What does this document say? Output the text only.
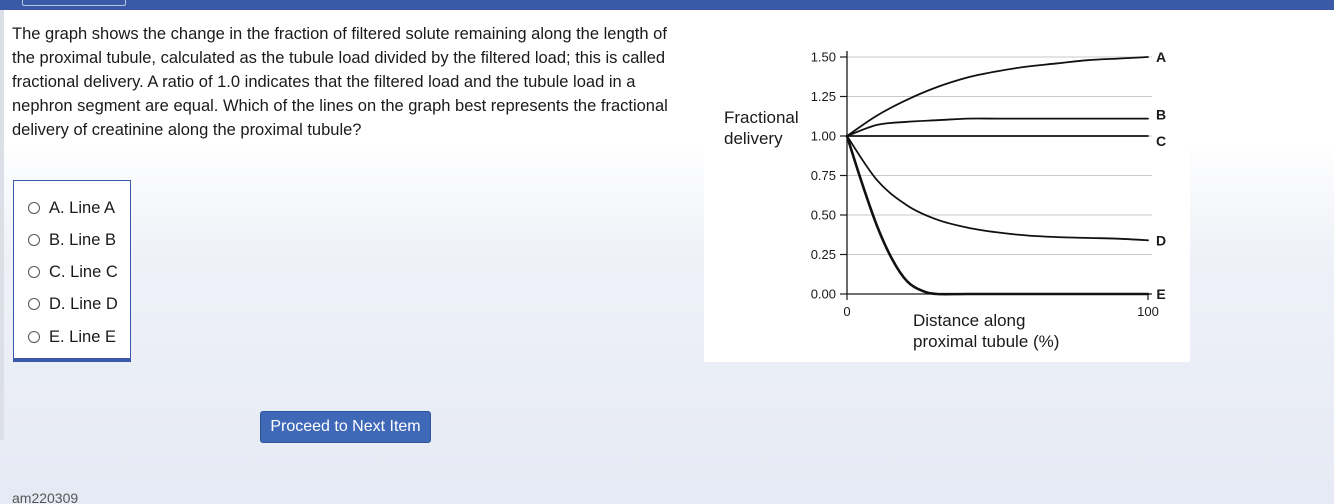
The graph shows the change in the fraction of filtered solute remaining along the length of the proximal tubule, calculated as the tubule load divided by the filtered load; this is called fractional delivery. A ratio of 1.0 indicates that the filtered load and the tubule load in a nephron segment are equal. Which of the lines on the graph best represents the fractional delivery of creatinine along the proximal tubule?
A. Line A
B. Line B
C. Line C
D. Line D
E. Line E
0.00
0.25
0.50
0.75
1.00
1.25
1.50
0	100
A
B
C
D
E
Fractional
delivery
Distance along
proximal tubule (%)
Proceed to Next Item
am220309
